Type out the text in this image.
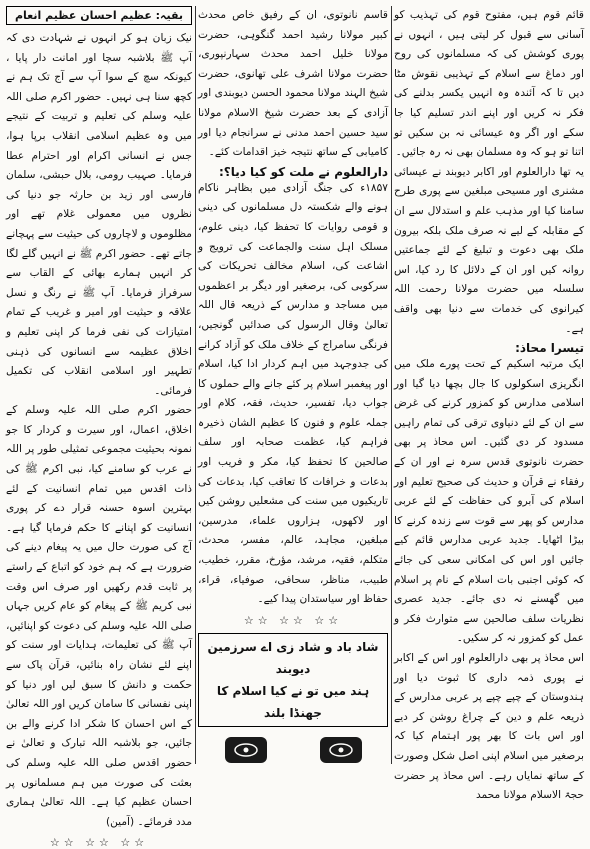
قائم قوم ہیں، مفتوح قوم کی تہذیب کو آسانی سے قبول کر لیتی ہیں ، انہوں نے پوری کوشش کی کہ مسلمانوں کی روح اور دماغ سے اسلام کے تہذیبی نقوش مٹا دیں تا کہ آئندہ وہ انہیں یکسر بدلنے کی فکر نہ کریں اور اپنے اندر تسلیم کیا جا سکے اور اگر وہ عیسائی نہ بن سکیں تو اتنا تو ہو کہ وہ مسلمان بھی نہ رہ جائیں۔

یہ تھا دارالعلوم اور اکابر دیوبند نے عیسائی مشنری اور مسیحی مبلغین سے پوری طرح سامنا کیا اور مذہب علم و استدلال سے ان کے مقابلہ کے لیے نہ صرف ملک بلکہ بیرون ملک بھی دعوت و تبلیغ کے لئے جماعتیں روانہ کیں اور ان کے دلائل کا رد کیا، اس سلسلہ میں حضرت مولانا رحمت اللہ کیرانوی کی خدمات سے دنیا بھی واقف ہے۔

تیسرا محاذ:

ایک مرتبہ اسکیم کے تحت پورے ملک میں انگریزی اسکولوں کا جال بچھا دیا گیا اور اسلامی مدارس کو کمزور کرنے کی غرض سے ان کے لئے دنیاوی ترقی کی تمام راہیں مسدود کر دی گئیں۔ اس محاذ پر بھی حضرت نانوتوی قدس سرہ نے اور ان کے رفقاء نے قرآن و حدیث کی صحیح تعلیم اور اسلام کی آبرو کی حفاظت کے لئے عربی مدارس کو پھر سے قوت سے زندہ کرنے کا بیڑا اٹھایا۔ جدید عربی مدارس قائم کیے جائیں اور اس کی امکانی سعی کی جائے کہ کوئی اجنبی بات اسلام کے نام پر اسلام میں گھسنے نہ دی جائے۔ جدید عصری نظریات سلف صالحین سے متوارث فکر و عمل کو کمزور نہ کر سکیں۔

اس محاذ پر بھی دارالعلوم اور اس کے اکابر نے پوری ذمہ داری کا ثبوت دیا اور ہندوستان کے چپے چپے پر عربی مدارس کے ذریعہ علم و دین کے چراغ روشن کر دیے اور اس بات کا بھر پور اہتمام کیا کہ برصغیر میں اسلام اپنی اصل شکل وصورت کے ساتھ نمایاں رہے۔ اس محاذ پر حضرت حجۃ الاسلام مولانا محمد

قاسم نانوتوی، ان کے رفیق خاص محدث کبیر مولانا رشید احمد گنگوہی، حضرت مولانا خلیل احمد محدث سہارنپوری، حضرت مولانا اشرف علی تھانوی، حضرت شیخ الہند مولانا محمود الحسن دیوبندی اور آزادی کے بعد حضرت شیخ الاسلام مولانا سید حسین احمد مدنی نے سرانجام دیا اور کامیابی کے ساتھ نتیجہ خیز اقدامات کئے۔

دارالعلوم نے ملت کو کیا دیا؟:

۱۸۵۷ء کی جنگ آزادی میں بظاہر ناکام ہونے والے شکستہ دل مسلمانوں کی دینی و قومی روایات کا تحفظ کیا، دینی علوم، مسلک اہل سنت والجماعت کی ترویج و اشاعت کی، اسلام مخالف تحریکات کی سرکوبی کی، برصغیر اور دیگر بر اعظموں میں مساجد و مدارس کے ذریعہ قال اللہ تعالیٰ وقال الرسول کی صدائیں گونجیں، فرنگی سامراج کے خلاف ملک کو آزاد کرانے کی جدوجہد میں اہم کردار ادا کیا، اسلام اور پیغمبر اسلام پر کئے جانے والے حملوں کا جواب دیا، تفسیر، حدیث، فقہ، کلام اور جملہ علوم و فنون کا عظیم الشان ذخیرہ فراہم کیا، عظمت صحابہ اور سلف صالحین کا تحفظ کیا، مکر و فریب اور بدعات و خرافات کا تعاقب کیا، بدعات کی تاریکیوں میں سنت کی مشعلیں روشن کیں اور لاکھوں، ہزاروں علماء، مدرسین، مبلغین، مجاہد، عالم، مفسر، محدث، متکلم، فقیہ، مرشد، مؤرخ، مقرر، خطیب، طبیب، مناظر، سحافی، صوفیاء، قراء، حفاظ اور سیاستدان پیدا کیے۔

☆☆ ☆☆ ☆☆
شاد باد و شاد زی اے سرزمین دیوبند
ہند میں تو نے کیا اسلام کا جھنڈا بلند
بقیہ: عظیم احسان عظیم انعام

نیک زبان ہو کر انہوں نے شہادت دی کہ آپ ﷺ بلاشبہ سچا اور امانت دار پایا ، کیونکہ سچ کے سوا آپ سے آج تک ہم نے کچھ سنا ہی نہیں۔ حضور اکرم صلی اللہ علیہ وسلم کی تعلیم و تربیت کے نتیجے میں وہ عظیم اسلامی انقلاب برپا ہوا، جس نے انسانی اکرام اور احترام عطا فرمایا۔ صہیب رومی، بلال حبشی، سلمان فارسی اور زید بن حارثہ جو دنیا کی نظروں میں معمولی غلام تھے اور مظلوموں و لاچاروں کی حیثیت سے پہچانے جاتے تھے۔ حضور اکرم ﷺ نے انہیں گلے لگا کر انہیں ہمارے بھائی کے القاب سے سرفراز فرمایا۔ آپ ﷺ نے رنگ و نسل علاقہ و حیثیت اور امیر و غریب کے تمام امتیازات کی نفی فرما کر اپنی تعلیم و اخلاق عظیمہ سے انسانوں کی ذہنی تطہیر اور اسلامی انقلاب کی تکمیل فرمائی۔

حضور اکرم صلی اللہ علیہ وسلم کے اخلاق، اعمال، اور سیرت و کردار کا جو نمونہ بحیثیت مجموعی تمثیلی طور پر اللہ نے عرب کو سامنے کیا، نبی اکرم ﷺ کی ذات اقدس میں تمام انسانیت کے لئے بہترین اسوہ حسنہ قرار دے کر پوری انسانیت کو اپنانے کا حکم فرمایا گیا ہے۔ آج کی صورت حال میں یہ پیغام دینے کی ضرورت ہے کہ ہم خود کو اتباع کے راستے پر ثابت قدم رکھیں اور صرف اس وقت نبی کریم ﷺ کے پیغام کو عام کریں جہاں صلی اللہ علیہ وسلم کی دعوت کو اپنائیں، آپ ﷺ کی تعلیمات، ہدایات اور سنت کو اپنے لئے نشان راہ بنائیں، قرآن پاک سے حکمت و دانش کا سبق لیں اور دنیا کو اپنی نفسانی کا سامان کریں اور اللہ تعالیٰ کے اس احسان کا شکر ادا کرنے والے بن جائیں، جو بلاشبہ اللہ تبارک و تعالیٰ نے حضور اقدس صلی اللہ علیہ وسلم کی بعثت کی صورت میں ہم مسلمانوں پر احسان عظیم کیا ہے۔ اللہ تعالیٰ ہماری مدد فرمائے۔ (آمین)

☆☆ ☆☆ ☆☆
